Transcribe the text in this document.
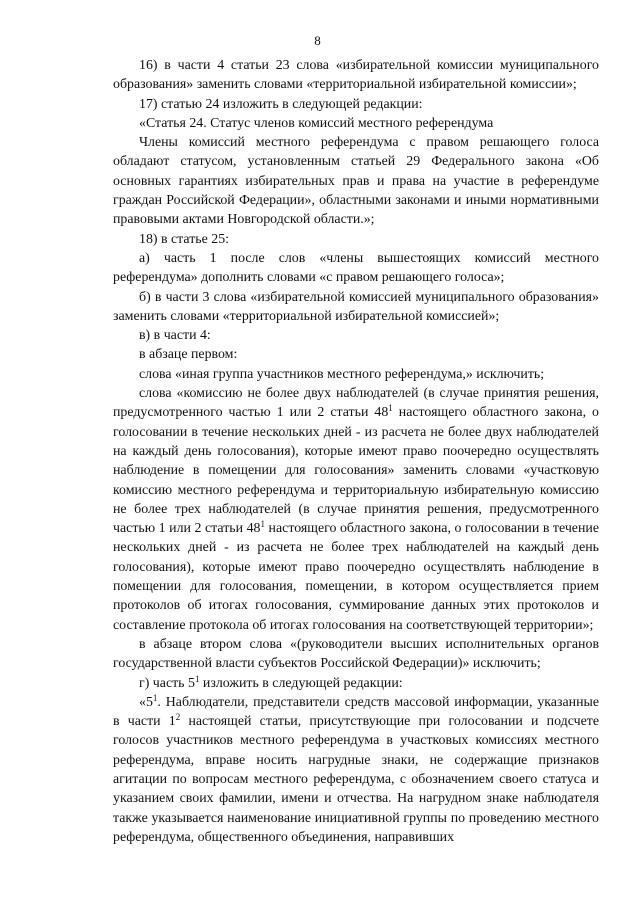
8

16) в части 4 статьи 23 слова «избирательной комиссии муниципального образования» заменить словами «территориальной избирательной комиссии»;

17) статью 24 изложить в следующей редакции:

«Статья 24. Статус членов комиссий местного референдума

Члены комиссий местного референдума с правом решающего голоса обладают статусом, установленным статьей 29 Федерального закона «Об основных гарантиях избирательных прав и права на участие в референдуме граждан Российской Федерации», областными законами и иными нормативными правовыми актами Новгородской области.»;

18) в статье 25:

а) часть 1 после слов «члены вышестоящих комиссий местного референдума» дополнить словами «с правом решающего голоса»;

б) в части 3 слова «избирательной комиссией муниципального образования» заменить словами «территориальной избирательной комиссией»;

в) в части 4:

в абзаце первом:

слова «иная группа участников местного референдума,» исключить;

слова «комиссию не более двух наблюдателей (в случае принятия решения, предусмотренного частью 1 или 2 статьи $48^1$ настоящего областного закона, о голосовании в течение нескольких дней - из расчета не более двух наблюдателей на каждый день голосования), которые имеют право поочередно осуществлять наблюдение в помещении для голосования» заменить словами «участковую комиссию местного референдума и территориальную избирательную комиссию не более трех наблюдателей (в случае принятия решения, предусмотренного частью 1 или 2 статьи $48^1$ настоящего областного закона, о голосовании в течение нескольких дней - из расчета не более трех наблюдателей на каждый день голосования), которые имеют право поочередно осуществлять наблюдение в помещении для голосования, помещении, в котором осуществляется прием протоколов об итогах голосования, суммирование данных этих протоколов и составление протокола об итогах голосования на соответствующей территории»;

в абзаце втором слова «(руководители высших исполнительных органов государственной власти субъектов Российской Федерации)» исключить;

г) часть $5^1$ изложить в следующей редакции:

«$5^1$. Наблюдатели, представители средств массовой информации, указанные в части $1^2$ настоящей статьи, присутствующие при голосовании и подсчете голосов участников местного референдума в участковых комиссиях местного референдума, вправе носить нагрудные знаки, не содержащие признаков агитации по вопросам местного референдума, с обозначением своего статуса и указанием своих фамилии, имени и отчества. На нагрудном знаке наблюдателя также указывается наименование инициативной группы по проведению местного референдума, общественного объединения, направивших
